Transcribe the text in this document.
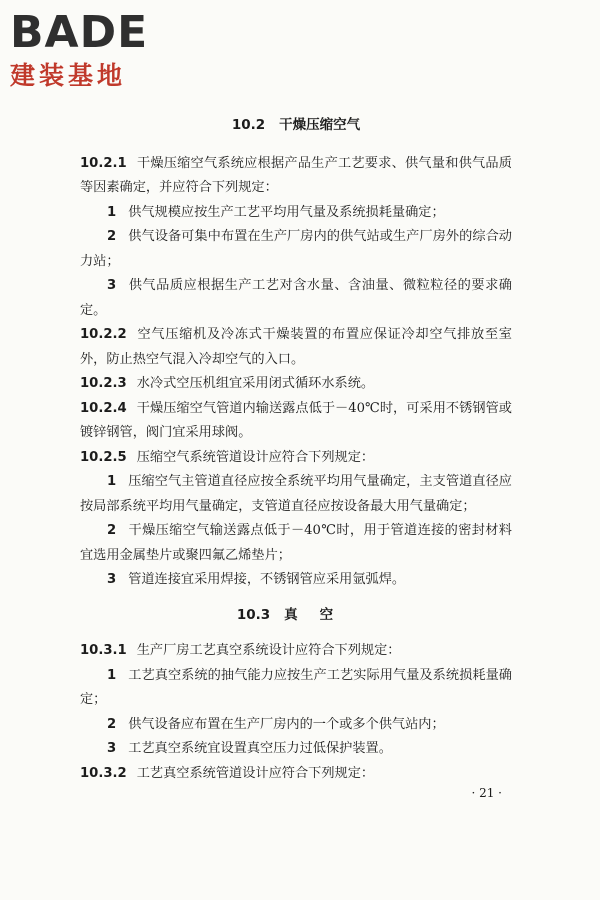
BADE
建装基地
10.2 干燥压缩空气
10.2.1 干燥压缩空气系统应根据产品生产工艺要求、供气量和供气品质等因素确定，并应符合下列规定：
1 供气规模应按生产工艺平均用气量及系统损耗量确定；
2 供气设备可集中布置在生产厂房内的供气站或生产厂房外的综合动力站；
3 供气品质应根据生产工艺对含水量、含油量、微粒粒径的要求确定。
10.2.2 空气压缩机及冷冻式干燥装置的布置应保证冷却空气排放至室外，防止热空气混入冷却空气的入口。
10.2.3 水冷式空压机组宜采用闭式循环水系统。
10.2.4 干燥压缩空气管道内输送露点低于－40℃时，可采用不锈钢管或镀锌钢管，阀门宜采用球阀。
10.2.5 压缩空气系统管道设计应符合下列规定：
1 压缩空气主管道直径应按全系统平均用气量确定，主支管道直径应按局部系统平均用气量确定，支管道直径应按设备最大用气量确定；
2 干燥压缩空气输送露点低于－40℃时，用于管道连接的密封材料宜选用金属垫片或聚四氟乙烯垫片；
3 管道连接宜采用焊接，不锈钢管应采用氩弧焊。
10.3 真空
10.3.1 生产厂房工艺真空系统设计应符合下列规定：
1 工艺真空系统的抽气能力应按生产工艺实际用气量及系统损耗量确定；
2 供气设备应布置在生产厂房内的一个或多个供气站内；
3 工艺真空系统宜设置真空压力过低保护装置。
10.3.2 工艺真空系统管道设计应符合下列规定：
· 21 ·
